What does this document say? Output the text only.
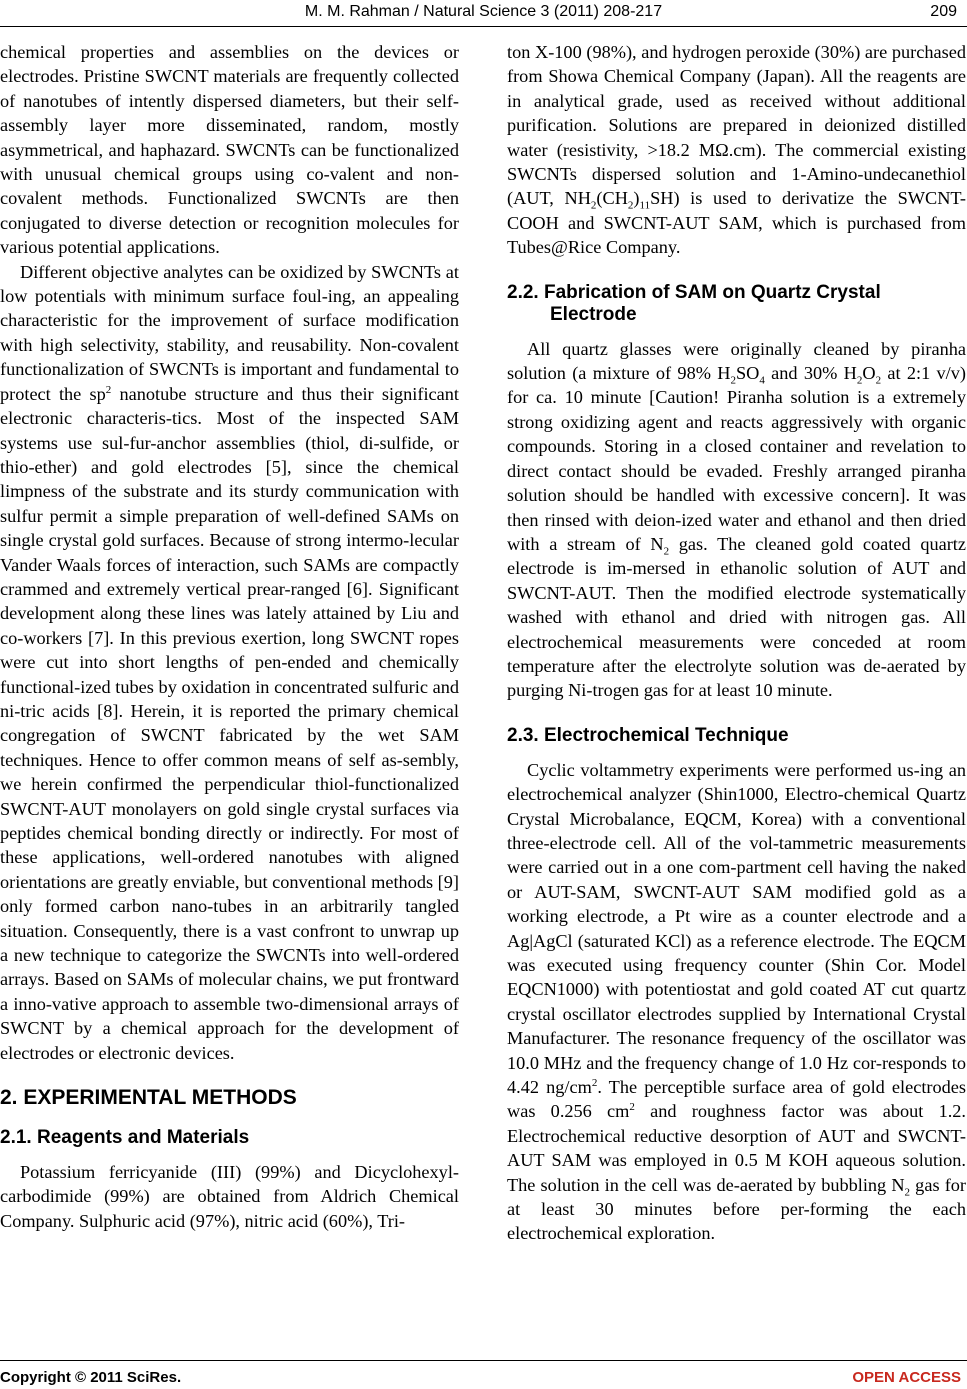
M. M. Rahman / Natural Science 3 (2011) 208-217	209

chemical properties and assemblies on the devices or electrodes. Pristine SWCNT materials are frequently collected of nanotubes of intently dispersed diameters, but their self-assembly layer more disseminated, random, mostly asymmetrical, and haphazard. SWCNTs can be functionalized with unusual chemical groups using co-valent and non-covalent methods. Functionalized SWCNTs are then conjugated to diverse detection or recognition molecules for various potential applications.

Different objective analytes can be oxidized by SWCNTs at low potentials with minimum surface foul-ing, an appealing characteristic for the improvement of surface modification with high selectivity, stability, and reusability. Non-covalent functionalization of SWCNTs is important and fundamental to protect the $sp^2$ nanotube structure and thus their significant electronic characteris-tics. Most of the inspected SAM systems use sul-fur-anchor assemblies (thiol, di-sulfide, or thio-ether) and gold electrodes [5], since the chemical limpness of the substrate and its sturdy communication with sulfur permit a simple preparation of well-defined SAMs on single crystal gold surfaces. Because of strong intermo-lecular Vander Waals forces of interaction, such SAMs are compactly crammed and extremely vertical prear-ranged [6]. Significant development along these lines was lately attained by Liu and co-workers [7]. In this previous exertion, long SWCNT ropes were cut into short lengths of pen-ended and chemically functional-ized tubes by oxidation in concentrated sulfuric and ni-tric acids [8]. Herein, it is reported the primary chemical congregation of SWCNT fabricated by the wet SAM techniques. Hence to offer common means of self as-sembly, we herein confirmed the perpendicular thiol-functionalized SWCNT-AUT monolayers on gold single crystal surfaces via peptides chemical bonding directly or indirectly. For most of these applications, well-ordered nanotubes with aligned orientations are greatly enviable, but conventional methods [9] only formed carbon nano-tubes in an arbitrarily tangled situation. Consequently, there is a vast confront to unwrap up a new technique to categorize the SWCNTs into well-ordered arrays. Based on SAMs of molecular chains, we put frontward a inno-vative approach to assemble two-dimensional arrays of SWCNT by a chemical approach for the development of electrodes or electronic devices.

2. EXPERIMENTAL METHODS
2.1. Reagents and Materials

Potassium ferricyanide (III) (99%) and Dicyclohexyl-carbodimide (99%) are obtained from Aldrich Chemical Company. Sulphuric acid (97%), nitric acid (60%), Tri-

ton X-100 (98%), and hydrogen peroxide (30%) are purchased from Showa Chemical Company (Japan). All the reagents are in analytical grade, used as received without additional purification. Solutions are prepared in deionized distilled water (resistivity, >18.2 MΩ.cm). The commercial existing SWCNTs dispersed solution and 1-Amino-undecanethiol (AUT, $NH_2(CH_2)_{11}SH$) is used to derivatize the SWCNT-COOH and SWCNT-AUT SAM, which is purchased from Tubes@Rice Company.

2.2. Fabrication of SAM on Quartz Crystal Electrode

All quartz glasses were originally cleaned by piranha solution (a mixture of 98% $H_2SO_4$ and 30% $H_2O_2$ at 2:1 v/v) for ca. 10 minute [Caution! Piranha solution is a extremely strong oxidizing agent and reacts aggressively with organic compounds. Storing in a closed container and revelation to direct contact should be evaded. Freshly arranged piranha solution should be handled with excessive concern]. It was then rinsed with deion-ized water and ethanol and then dried with a stream of $N_2$ gas. The cleaned gold coated quartz electrode is im-mersed in ethanolic solution of AUT and SWCNT-AUT. Then the modified electrode systematically washed with ethanol and dried with nitrogen gas. All electrochemical measurements were conceded at room temperature after the electrolyte solution was de-aerated by purging Ni-trogen gas for at least 10 minute.

2.3. Electrochemical Technique

Cyclic voltammetry experiments were performed us-ing an electrochemical analyzer (Shin1000, Electro-chemical Quartz Crystal Microbalance, EQCM, Korea) with a conventional three-electrode cell. All of the vol-tammetric measurements were carried out in a one com-partment cell having the naked or AUT-SAM, SWCNT-AUT SAM modified gold as a working electrode, a Pt wire as a counter electrode and a Ag|AgCl (saturated KCl) as a reference electrode. The EQCM was executed using frequency counter (Shin Cor. Model EQCN1000) with potentiostat and gold coated AT cut quartz crystal oscillator electrodes supplied by International Crystal Manufacturer. The resonance frequency of the oscillator was 10.0 MHz and the frequency change of 1.0 Hz cor-responds to 4.42 $ng/cm^2$. The perceptible surface area of gold electrodes was 0.256 $cm^2$ and roughness factor was about 1.2. Electrochemical reductive desorption of AUT and SWCNT-AUT SAM was employed in 0.5 M KOH aqueous solution. The solution in the cell was de-aerated by bubbling $N_2$ gas for at least 30 minutes before per-forming the each electrochemical exploration.

Copyright © 2011 SciRes.	OPEN ACCESS
